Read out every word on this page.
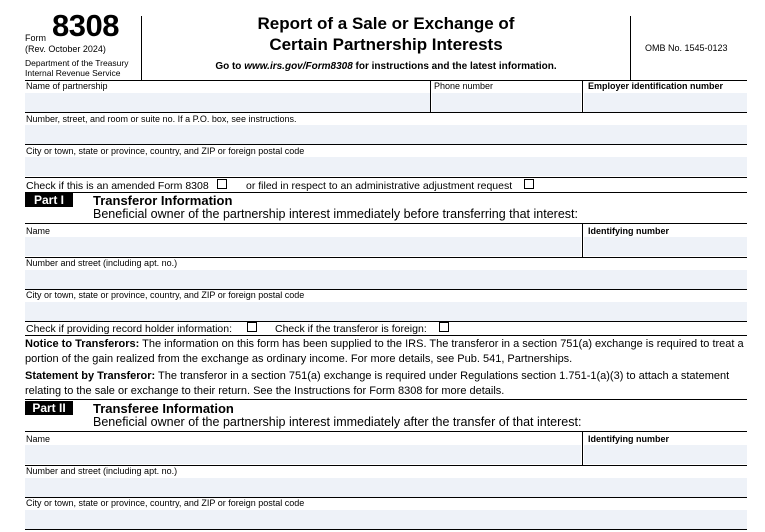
Form 8308
(Rev. October 2024)
Department of the Treasury
Internal Revenue Service
Report of a Sale or Exchange of
Certain Partnership Interests
Go to www.irs.gov/Form8308 for instructions and the latest information.
OMB No. 1545-0123
Name of partnership	Phone number	Employer identification number
Number, street, and room or suite no. If a P.O. box, see instructions.
City or town, state or province, country, and ZIP or foreign postal code
Check if this is an amended Form 8308	or filed in respect to an administrative adjustment request
Part I	Transferor Information
Beneficial owner of the partnership interest immediately before transferring that interest:
Name	Identifying number
Number and street (including apt. no.)
City or town, state or province, country, and ZIP or foreign postal code
Check if providing record holder information:	Check if the transferor is foreign:
Notice to Transferors: The information on this form has been supplied to the IRS. The transferor in a section 751(a) exchange is required to treat a portion of the gain realized from the exchange as ordinary income. For more details, see Pub. 541, Partnerships.
Statement by Transferor: The transferor in a section 751(a) exchange is required under Regulations section 1.751-1(a)(3) to attach a statement relating to the sale or exchange to their return. See the Instructions for Form 8308 for more details.
Part II	Transferee Information
Beneficial owner of the partnership interest immediately after the transfer of that interest:
Name	Identifying number
Number and street (including apt. no.)
City or town, state or province, country, and ZIP or foreign postal code
